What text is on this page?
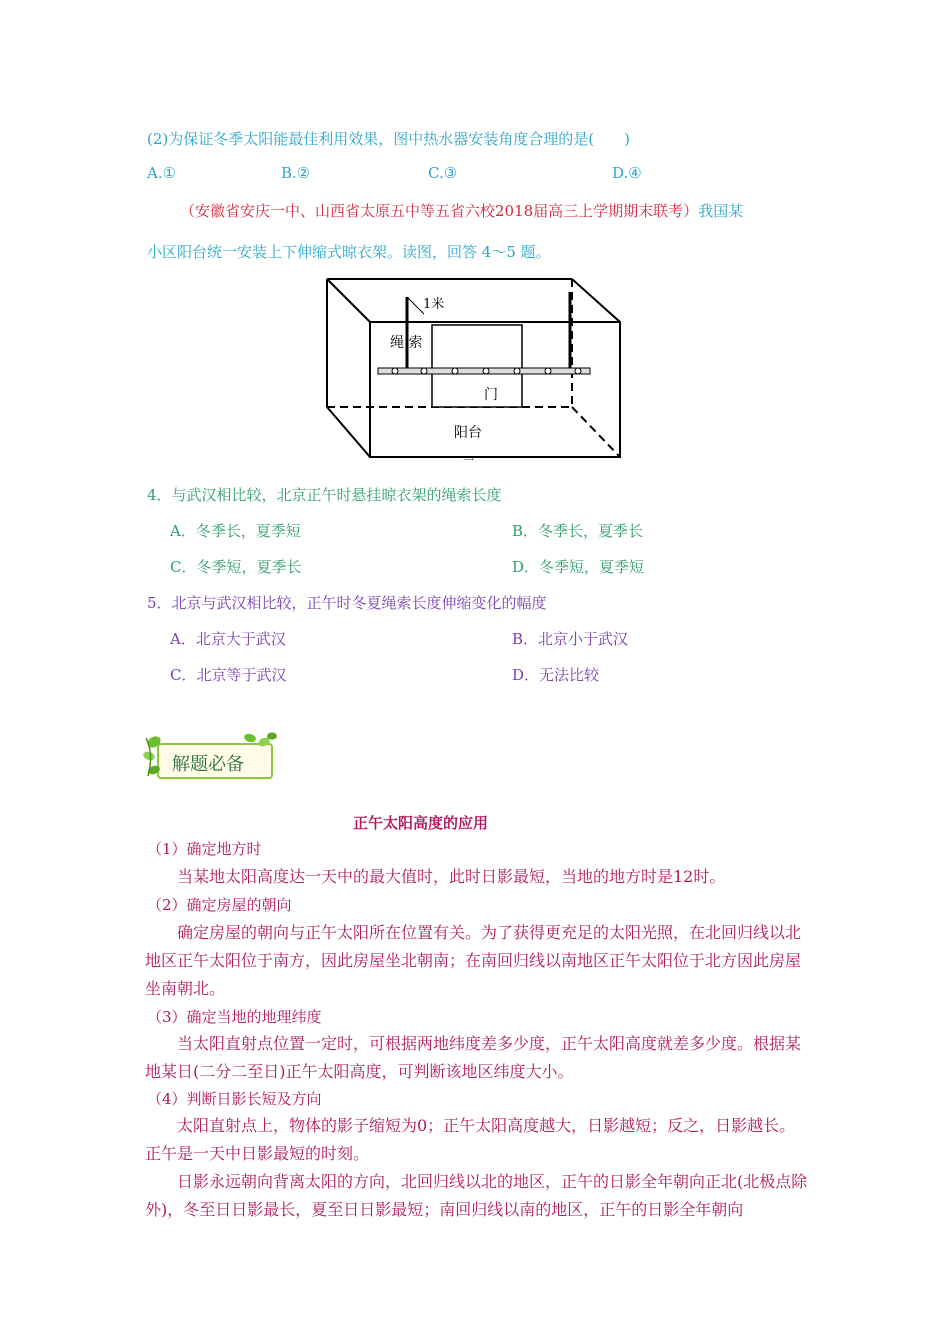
(2)为保证冬季太阳能最佳利用效果，图中热水器安装角度合理的是(　　)
A.①	B.②	C.③	D.④
（安徽省安庆一中、山西省太原五中等五省六校2018届高三上学期期末联考）我国某
小区阳台统一安装上下伸缩式晾衣架。读图，回答 4～5 题。
1米
绳 索
门
阳台
一
4．与武汉相比较，北京正午时悬挂晾衣架的绳索长度
A．冬季长，夏季短	B．冬季长，夏季长
C．冬季短，夏季长	D．冬季短，夏季短
5．北京与武汉相比较，正午时冬夏绳索长度伸缩变化的幅度
A．北京大于武汉	B．北京小于武汉
C．北京等于武汉	D．无法比较
解题必备
正午太阳高度的应用
（1）确定地方时
当某地太阳高度达一天中的最大值时，此时日影最短，当地的地方时是12时。
（2）确定房屋的朝向
确定房屋的朝向与正午太阳所在位置有关。为了获得更充足的太阳光照，在北回归线以北地区正午太阳位于南方，因此房屋坐北朝南；在南回归线以南地区正午太阳位于北方因此房屋坐南朝北。
（3）确定当地的地理纬度
当太阳直射点位置一定时，可根据两地纬度差多少度，正午太阳高度就差多少度。根据某地某日(二分二至日)正午太阳高度，可判断该地区纬度大小。
（4）判断日影长短及方向
太阳直射点上，物体的影子缩短为0；正午太阳高度越大，日影越短；反之，日影越长。正午是一天中日影最短的时刻。
日影永远朝向背离太阳的方向，北回归线以北的地区，正午的日影全年朝向正北(北极点除外)，冬至日日影最长，夏至日日影最短；南回归线以南的地区，正午的日影全年朝向
